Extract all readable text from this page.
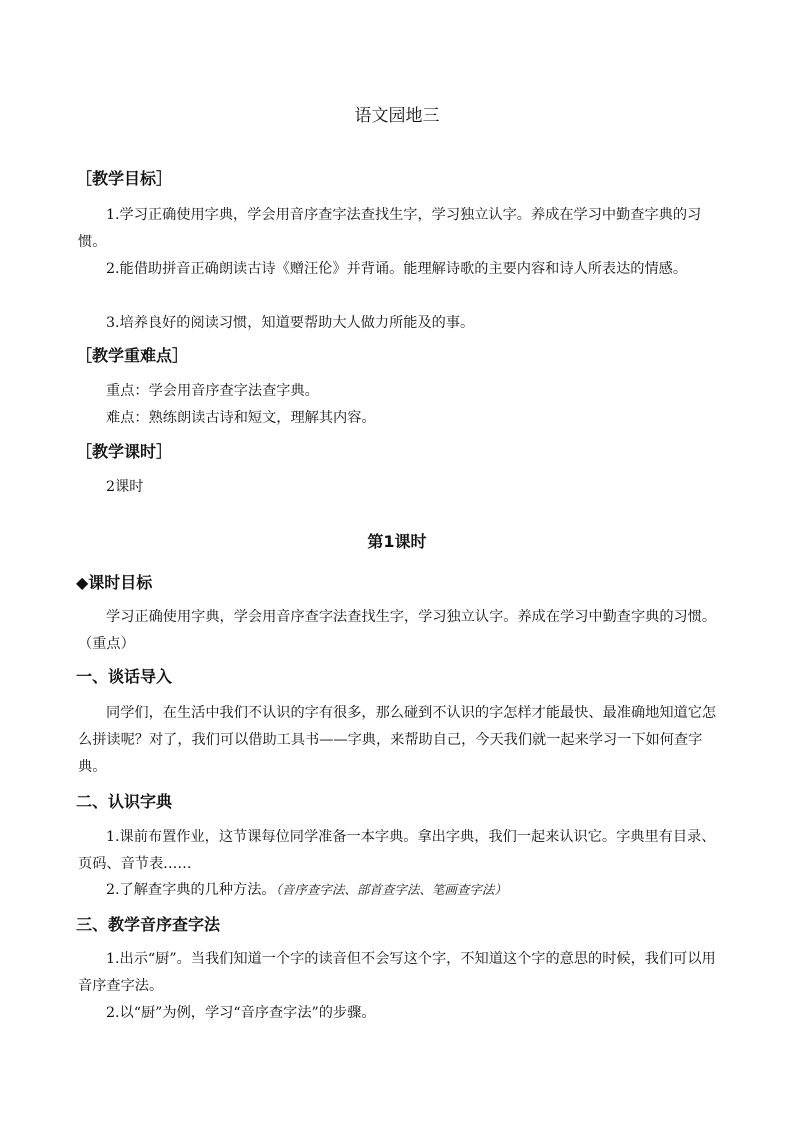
语文园地三
［教学目标］
1.学习正确使用字典，学会用音序查字法查找生字，学习独立认字。养成在学习中勤查字典的习惯。
2.能借助拼音正确朗读古诗《赠汪伦》并背诵。能理解诗歌的主要内容和诗人所表达的情感。
3.培养良好的阅读习惯，知道要帮助大人做力所能及的事。
［教学重难点］
重点：学会用音序查字法查字典。
难点：熟练朗读古诗和短文，理解其内容。
［教学课时］
2课时
第1课时
◆课时目标
学习正确使用字典，学会用音序查字法查找生字，学习独立认字。养成在学习中勤查字典的习惯。（重点）
一、谈话导入
同学们，在生活中我们不认识的字有很多，那么碰到不认识的字怎样才能最快、最准确地知道它怎么拼读呢？对了，我们可以借助工具书——字典，来帮助自己，今天我们就一起来学习一下如何查字典。
二、认识字典
1.课前布置作业，这节课每位同学准备一本字典。拿出字典，我们一起来认识它。字典里有目录、页码、音节表……
2.了解查字典的几种方法。（音序查字法、部首查字法、笔画查字法）
三、教学音序查字法
1.出示“厨”。当我们知道一个字的读音但不会写这个字，不知道这个字的意思的时候，我们可以用音序查字法。
2.以“厨”为例，学习“音序查字法”的步骤。
